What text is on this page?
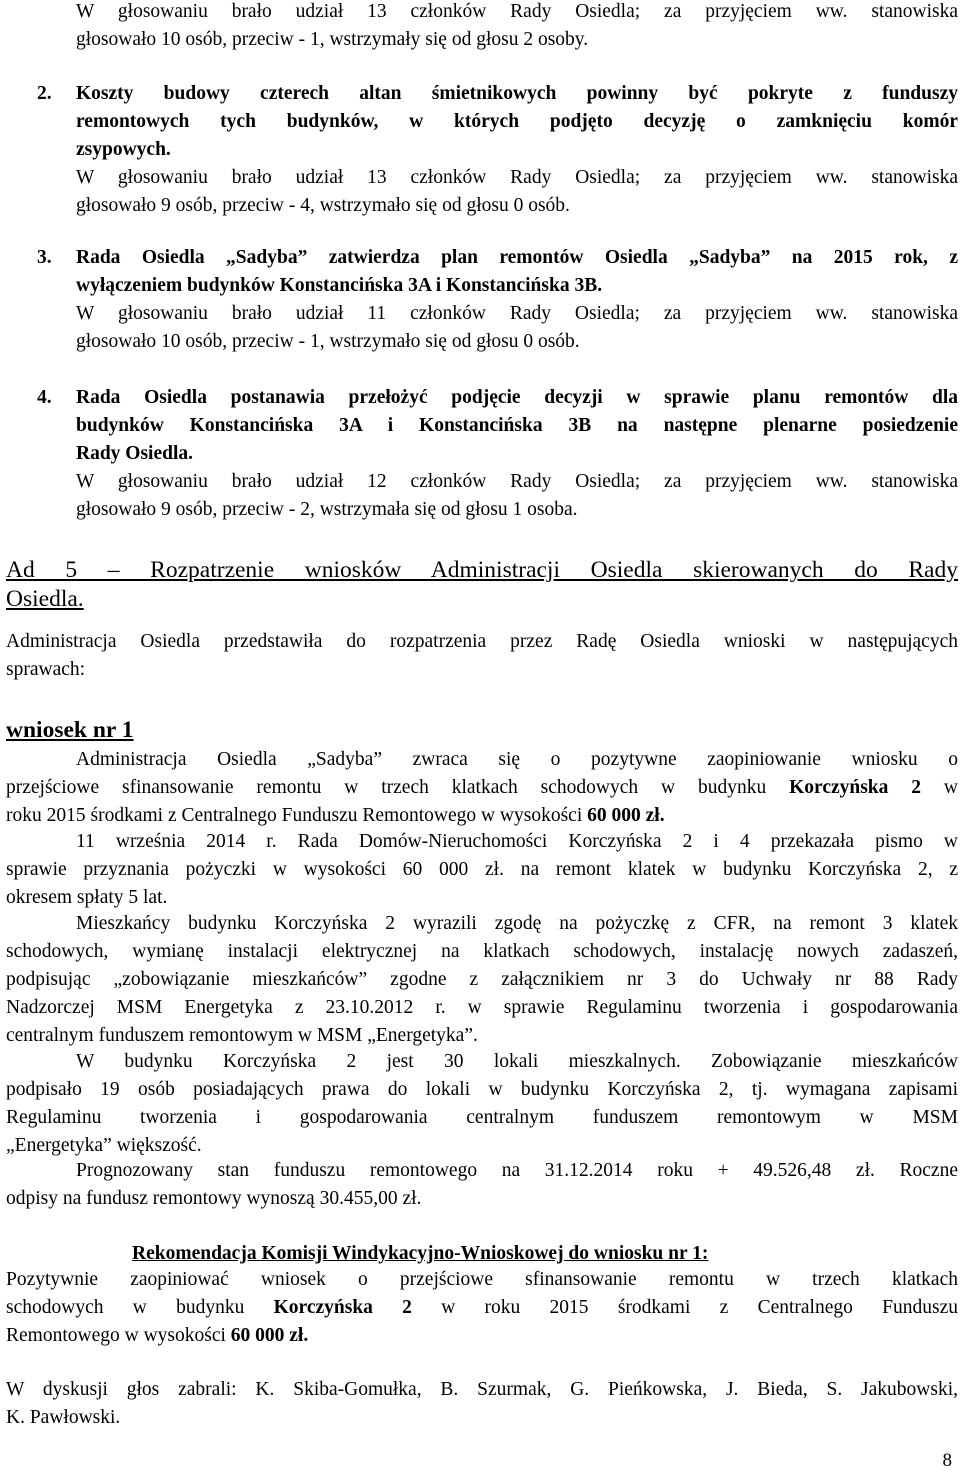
W głosowaniu brało udział 13 członków Rady Osiedla; za przyjęciem ww. stanowiska
głosowało 10 osób, przeciw - 1, wstrzymały się od głosu 2 osoby.
2. Koszty budowy czterech altan śmietnikowych powinny być pokryte z funduszy
remontowych tych budynków, w których podjęto decyzję o zamknięciu komór
zsypowych.
W głosowaniu brało udział 13 członków Rady Osiedla; za przyjęciem ww. stanowiska
głosowało 9 osób, przeciw - 4, wstrzymało się od głosu 0 osób.
3. Rada Osiedla „Sadyba” zatwierdza plan remontów Osiedla „Sadyba” na 2015 rok, z
wyłączeniem budynków Konstancińska 3A i Konstancińska 3B.
W głosowaniu brało udział 11 członków Rady Osiedla; za przyjęciem ww. stanowiska
głosowało 10 osób, przeciw - 1, wstrzymało się od głosu 0 osób.
4. Rada Osiedla postanawia przełożyć podjęcie decyzji w sprawie planu remontów dla
budynków Konstancińska 3A i Konstancińska 3B na następne plenarne posiedzenie
Rady Osiedla.
W głosowaniu brało udział 12 członków Rady Osiedla; za przyjęciem ww. stanowiska
głosowało 9 osób, przeciw - 2, wstrzymała się od głosu 1 osoba.
Ad 5 – Rozpatrzenie wniosków Administracji Osiedla skierowanych do Rady
Osiedla.
Administracja Osiedla przedstawiła do rozpatrzenia przez Radę Osiedla wnioski w następujących
sprawach:
wniosek nr 1
Administracja Osiedla „Sadyba” zwraca się o pozytywne zaopiniowanie wniosku o
przejściowe sfinansowanie remontu w trzech klatkach schodowych w budynku Korczyńska 2 w
roku 2015 środkami z Centralnego Funduszu Remontowego w wysokości 60 000 zł.
11 września 2014 r. Rada Domów-Nieruchomości Korczyńska 2 i 4 przekazała pismo w
sprawie przyznania pożyczki w wysokości 60 000 zł. na remont klatek w budynku Korczyńska 2, z
okresem spłaty 5 lat.
Mieszkańcy budynku Korczyńska 2 wyrazili zgodę na pożyczkę z CFR, na remont 3 klatek
schodowych, wymianę instalacji elektrycznej na klatkach schodowych, instalację nowych zadaszeń,
podpisując „zobowiązanie mieszkańców” zgodne z załącznikiem nr 3 do Uchwały nr 88 Rady
Nadzorczej MSM Energetyka z 23.10.2012 r. w sprawie Regulaminu tworzenia i gospodarowania
centralnym funduszem remontowym w MSM „Energetyka”.
W budynku Korczyńska 2 jest 30 lokali mieszkalnych. Zobowiązanie mieszkańców
podpisało 19 osób posiadających prawa do lokali w budynku Korczyńska 2, tj. wymagana zapisami
Regulaminu tworzenia i gospodarowania centralnym funduszem remontowym w MSM
„Energetyka” większość.
Prognozowany stan funduszu remontowego na 31.12.2014 roku + 49.526,48 zł. Roczne
odpisy na fundusz remontowy wynoszą 30.455,00 zł.
Rekomendacja Komisji Windykacyjno-Wnioskowej do wniosku nr 1:
Pozytywnie zaopiniować wniosek o przejściowe sfinansowanie remontu w trzech klatkach
schodowych w budynku Korczyńska 2 w roku 2015 środkami z Centralnego Funduszu
Remontowego w wysokości 60 000 zł.
W dyskusji głos zabrali: K. Skiba-Gomułka, B. Szurmak, G. Pieńkowska, J. Bieda, S. Jakubowski,
K. Pawłowski.
8
